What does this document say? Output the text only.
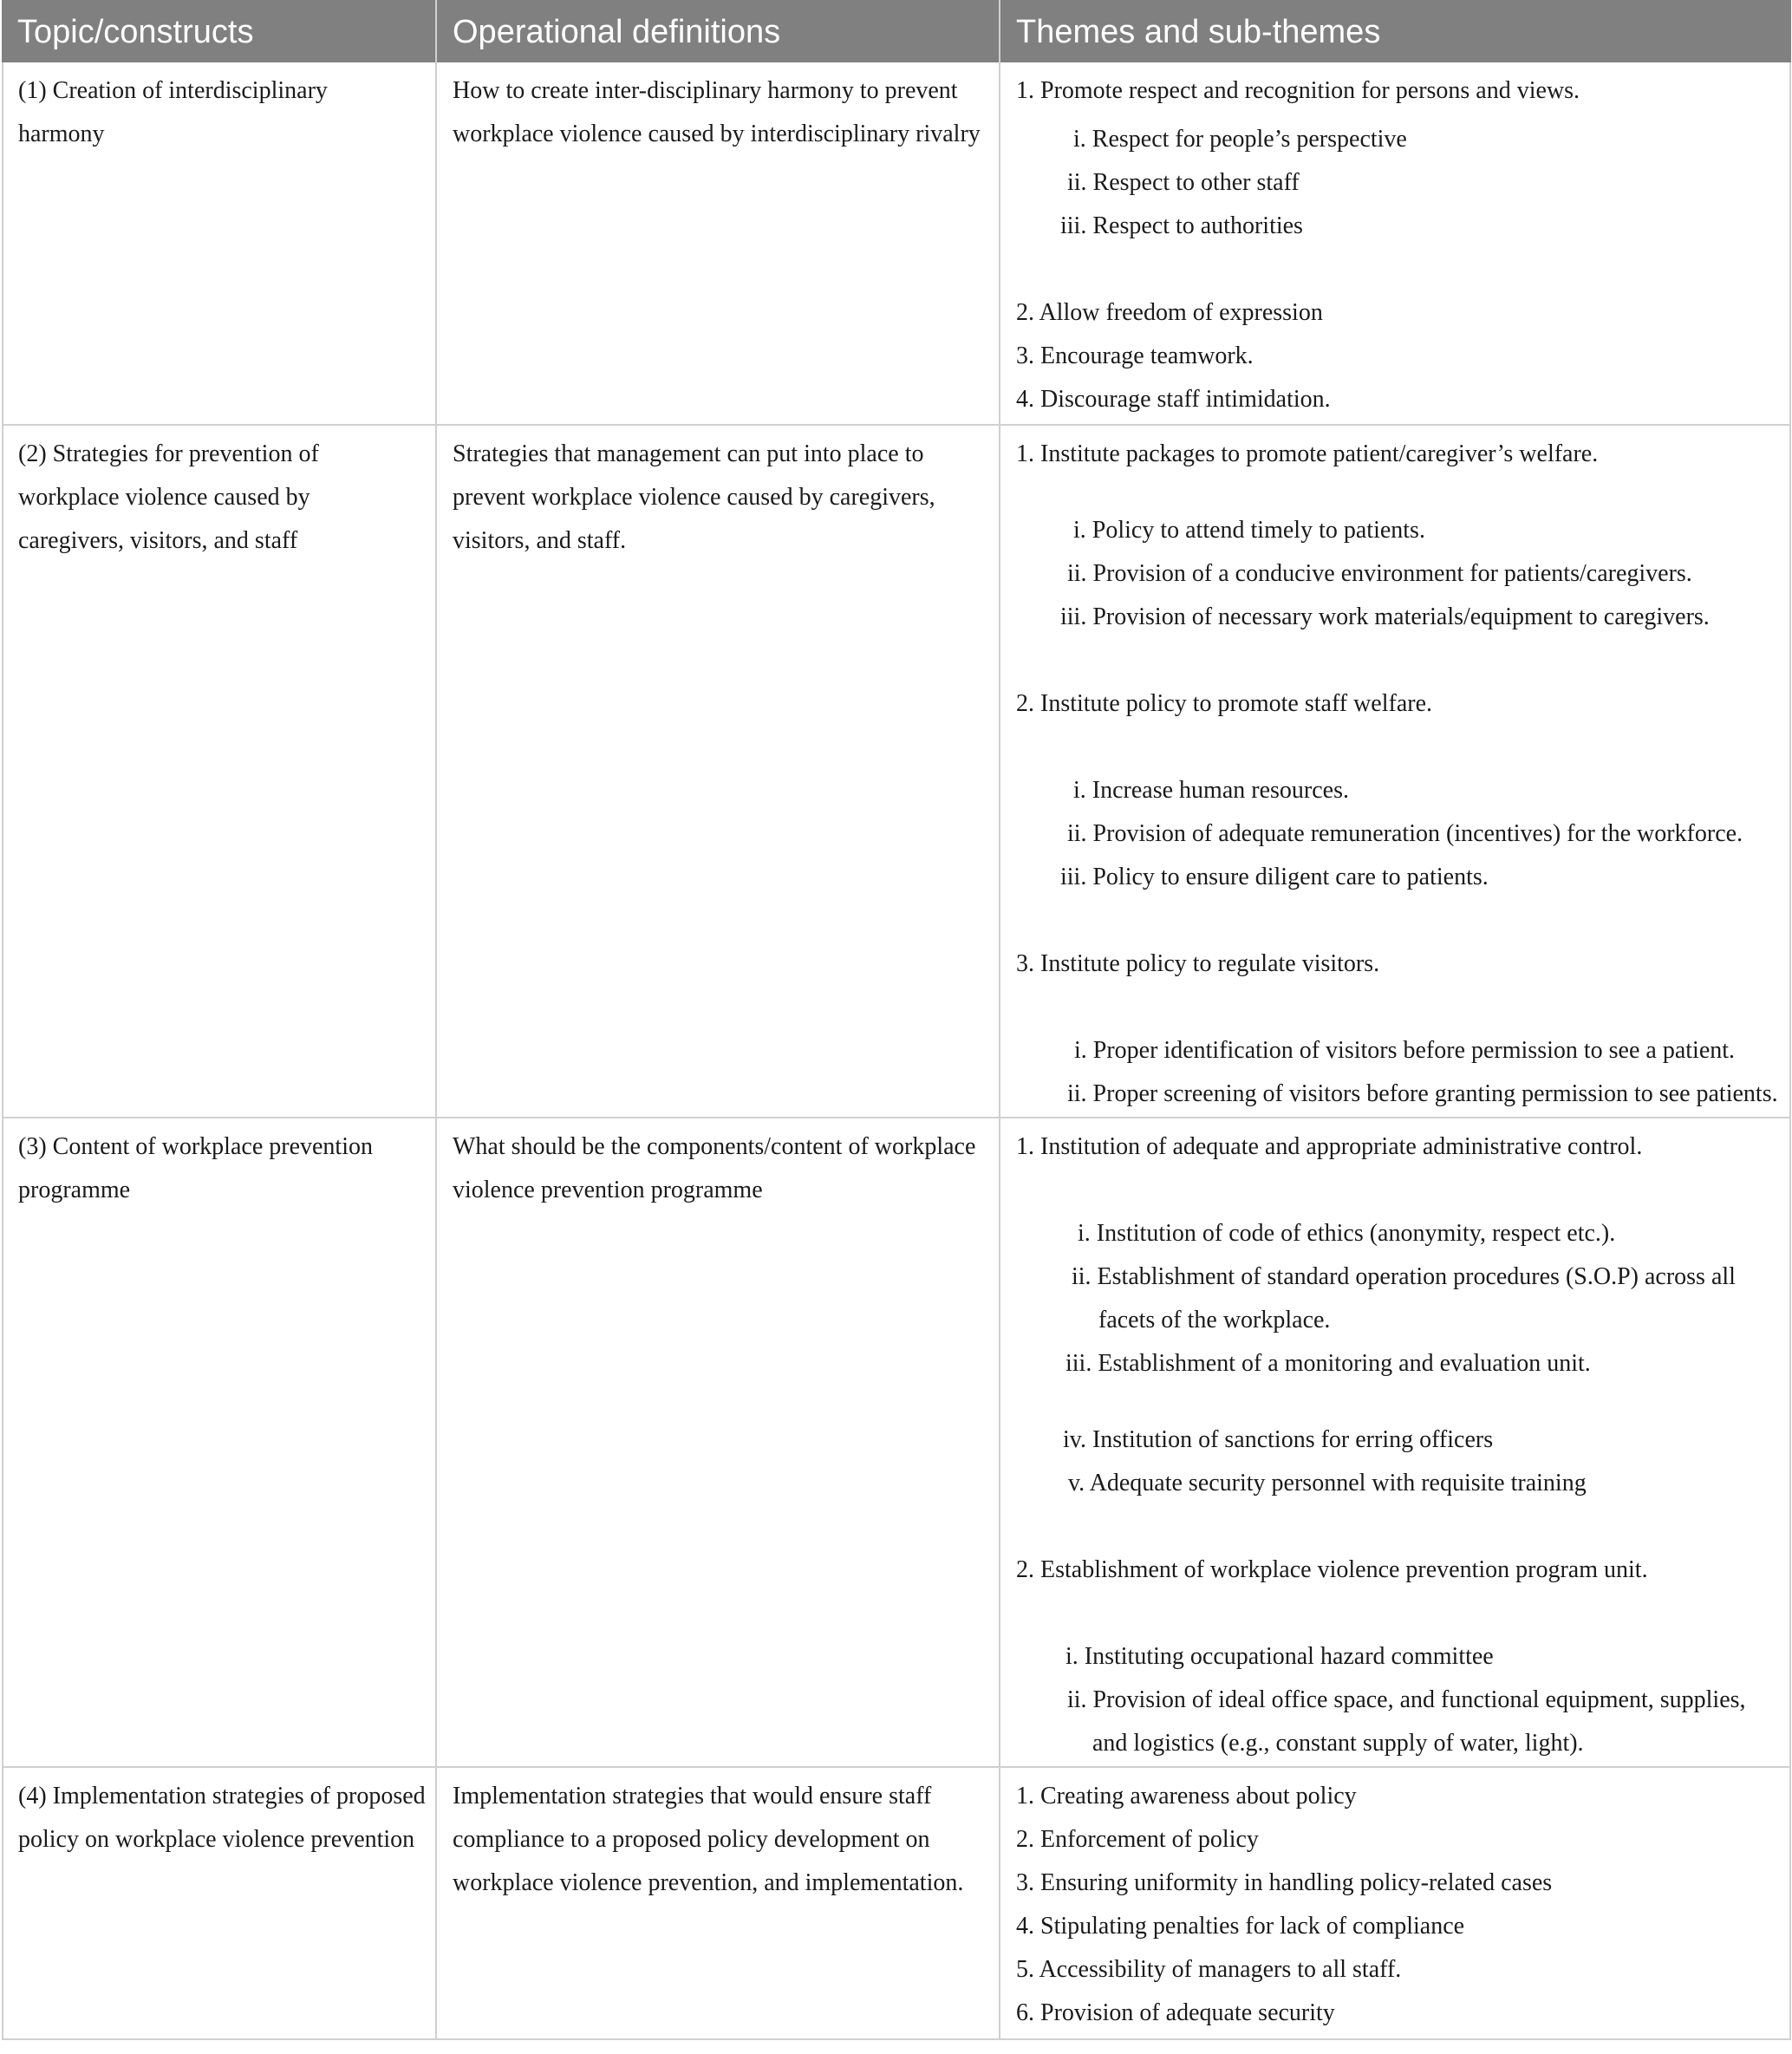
Topic/constructs	Operational definitions	Themes and sub-themes
(1) Creation of interdisciplinary harmony
How to create inter-disciplinary harmony to prevent workplace violence caused by interdisciplinary rivalry

1. Promote respect and recognition for persons and views.

i. Respect for people’s perspective

ii. Respect to other staff

iii. Respect to authorities

2. Allow freedom of expression

3. Encourage teamwork.

4. Discourage staff intimidation.

(2) Strategies for prevention of workplace violence caused by caregivers, visitors, and staff
Strategies that management can put into place to prevent workplace violence caused by caregivers, visitors, and staff.

1. Institute packages to promote patient/caregiver’s welfare.

i. Policy to attend timely to patients.

ii. Provision of a conducive environment for patients/caregivers.

iii. Provision of necessary work materials/equipment to caregivers.

2. Institute policy to promote staff welfare.

i. Increase human resources.

ii. Provision of adequate remuneration (incentives) for the workforce.

iii. Policy to ensure diligent care to patients.

3. Institute policy to regulate visitors.

i. Proper identification of visitors before permission to see a patient.

ii. Proper screening of visitors before granting permission to see patients.

(3) Content of workplace prevention programme
What should be the components/content of workplace violence prevention programme

1. Institution of adequate and appropriate administrative control.

i. Institution of code of ethics (anonymity, respect etc.).

ii. Establishment of standard operation procedures (S.O.P) across all

facets of the workplace.

iii. Establishment of a monitoring and evaluation unit.

iv. Institution of sanctions for erring officers

v. Adequate security personnel with requisite training

2. Establishment of workplace violence prevention program unit.

i. Instituting occupational hazard committee

ii. Provision of ideal office space, and functional equipment, supplies,

and logistics (e.g., constant supply of water, light).

(4) Implementation strategies of proposed policy on workplace violence prevention
Implementation strategies that would ensure staff compliance to a proposed policy development on workplace violence prevention, and implementation.

1. Creating awareness about policy

2. Enforcement of policy

3. Ensuring uniformity in handling policy-related cases

4. Stipulating penalties for lack of compliance

5. Accessibility of managers to all staff.

6. Provision of adequate security
